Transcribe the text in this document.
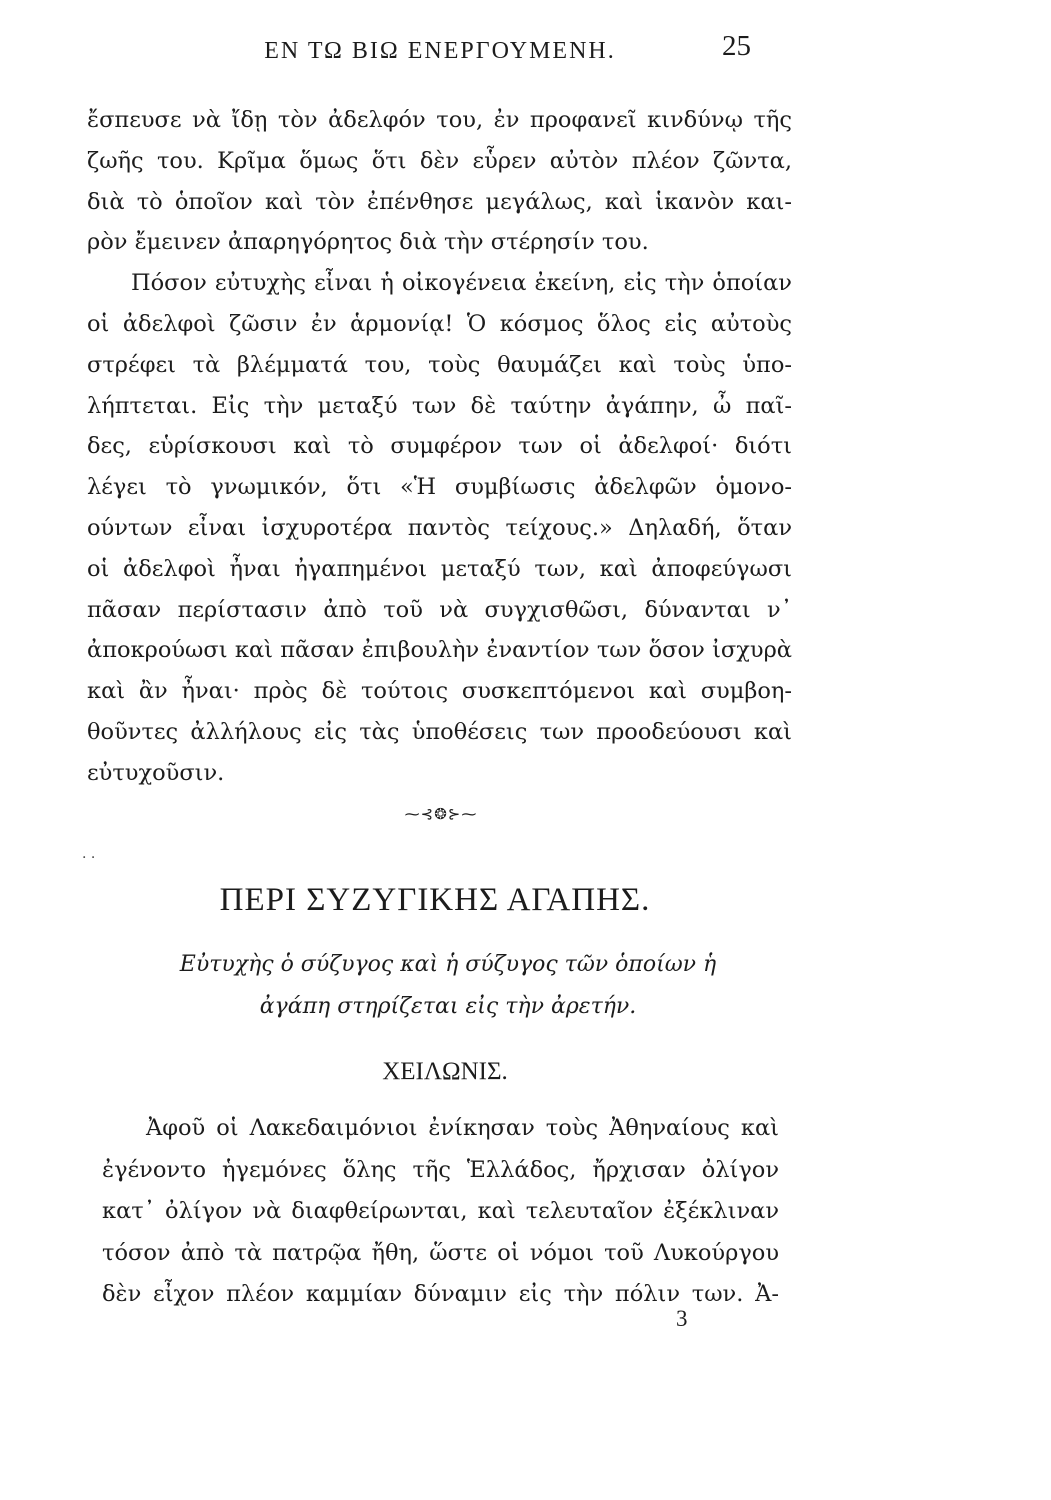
ΕΝ ΤΩ ΒΙΩ ΕΝΕΡΓΟΥΜΕΝΗ.	25
ἔσπευσε νὰ ἴδῃ τὸν ἀδελφόν του, ἐν προφανεῖ κινδύνῳ τῆς
ζωῆς του. Κρῖμα ὅμως ὅτι δὲν εὗρεν αὐτὸν πλέον ζῶντα,
διὰ τὸ ὁποῖον καὶ τὸν ἐπένθησε μεγάλως, καὶ ἱκανὸν και-
ρὸν ἔμεινεν ἀπαρηγόρητος διὰ τὴν στέρησίν του.
Πόσον εὐτυχὴς εἶναι ἡ οἰκογένεια ἐκείνη, εἰς τὴν ὁποίαν
οἱ ἀδελφοὶ ζῶσιν ἐν ἁρμονίᾳ! Ὁ κόσμος ὅλος εἰς αὐτοὺς
στρέφει τὰ βλέμματά του, τοὺς θαυμάζει καὶ τοὺς ὑπο-
λήπτεται. Εἰς τὴν μεταξύ των δὲ ταύτην ἀγάπην, ὦ παῖ-
δες, εὑρίσκουσι καὶ τὸ συμφέρον των οἱ ἀδελφοί· διότι
λέγει τὸ γνωμικόν, ὅτι «Ἡ συμβίωσις ἀδελφῶν ὁμονο-
ούντων εἶναι ἰσχυροτέρα παντὸς τείχους.» Δηλαδή, ὅταν
οἱ ἀδελφοὶ ἦναι ἠγαπημένοι μεταξύ των, καὶ ἀποφεύγωσι
πᾶσαν περίστασιν ἀπὸ τοῦ νὰ συγχισθῶσι, δύνανται ν᾽
ἀποκρούωσι καὶ πᾶσαν ἐπιβουλὴν ἐναντίον των ὅσον ἰσχυρὰ
καὶ ἂν ἦναι· πρὸς δὲ τούτοις συσκεπτόμενοι καὶ συμβοη-
θοῦντες ἀλλήλους εἰς τὰς ὑποθέσεις των προοδεύουσι καὶ
εὐτυχοῦσιν.
⁓⊰❂⊱⁓
· ·
ΠΕΡΙ ΣΥΖΥΓΙΚΗΣ ΑΓΑΠΗΣ.
Εὐτυχὴς ὁ σύζυγος καὶ ἡ σύζυγος τῶν ὁποίων ἡ
ἀγάπη στηρίζεται εἰς τὴν ἀρετήν.
ΧΕΙΛΩΝΙΣ.
Ἀφοῦ οἱ Λακεδαιμόνιοι ἐνίκησαν τοὺς Ἀθηναίους καὶ
ἐγένοντο ἡγεμόνες ὅλης τῆς Ἑλλάδος, ἤρχισαν ὀλίγον
κατ᾽ ὀλίγον νὰ διαφθείρωνται, καὶ τελευταῖον ἐξέκλιναν
τόσον ἀπὸ τὰ πατρῷα ἤθη, ὥστε οἱ νόμοι τοῦ Λυκούργου
δὲν εἶχον πλέον καμμίαν δύναμιν εἰς τὴν πόλιν των. Ἀ-
3
